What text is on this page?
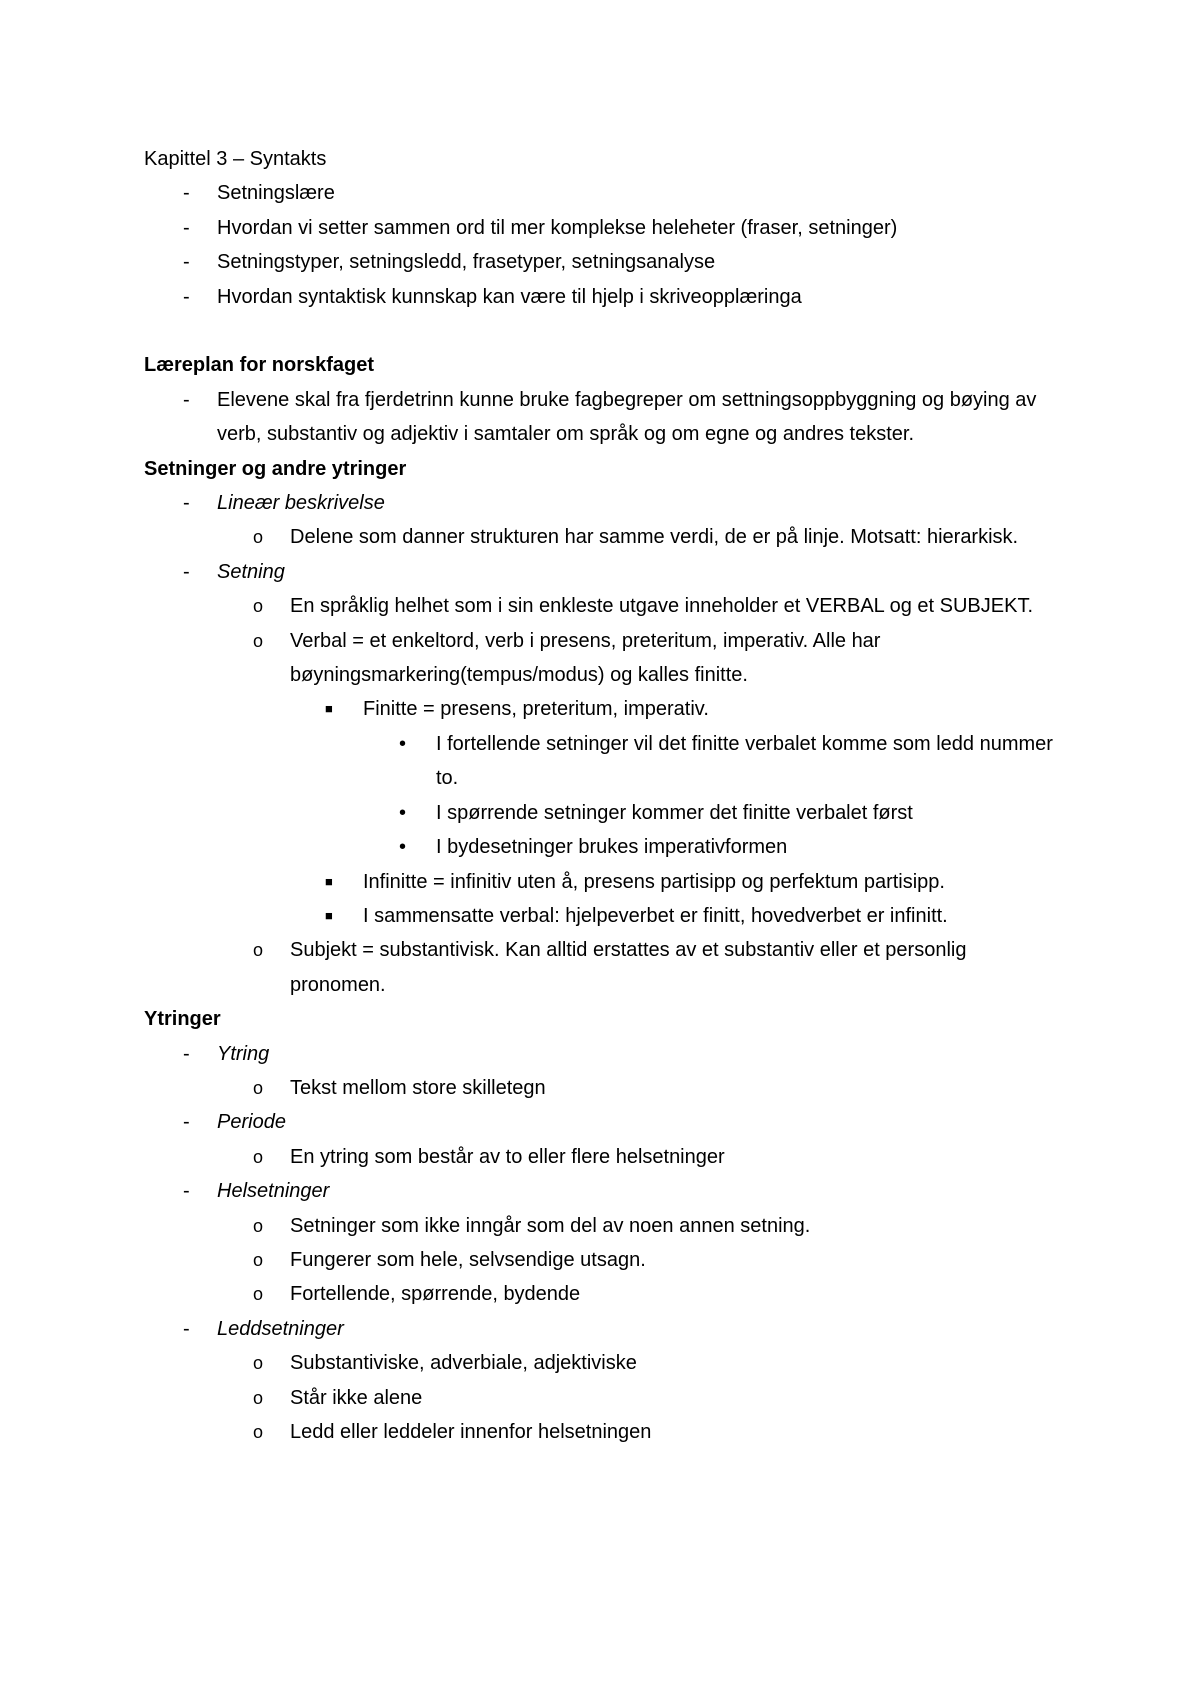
Kapittel 3 – Syntakts
- Setningslære
- Hvordan vi setter sammen ord til mer komplekse heleheter (fraser, setninger)
- Setningstyper, setningsledd, frasetyper, setningsanalyse
- Hvordan syntaktisk kunnskap kan være til hjelp i skriveopplæringa
Læreplan for norskfaget
- Elevene skal fra fjerdetrinn kunne bruke fagbegreper om settningsoppbyggning og bøying av verb, substantiv og adjektiv i samtaler om språk og om egne og andres tekster.
Setninger og andre ytringer
- Lineær beskrivelse
o Delene som danner strukturen har samme verdi, de er på linje. Motsatt: hierarkisk.
- Setning
o En språklig helhet som i sin enkleste utgave inneholder et VERBAL og et SUBJEKT.
o Verbal = et enkeltord, verb i presens, preteritum, imperativ. Alle har bøyningsmarkering(tempus/modus) og kalles finitte.
■ Finitte = presens, preteritum, imperativ.
• I fortellende setninger vil det finitte verbalet komme som ledd nummer to.
• I spørrende setninger kommer det finitte verbalet først
• I bydesetninger brukes imperativformen
■ Infinitte = infinitiv uten å, presens partisipp og perfektum partisipp.
■ I sammensatte verbal: hjelpeverbet er finitt, hovedverbet er infinitt.
o Subjekt = substantivisk. Kan alltid erstattes av et substantiv eller et personlig pronomen.
Ytringer
- Ytring
o Tekst mellom store skilletegn
- Periode
o En ytring som består av to eller flere helsetninger
- Helsetninger
o Setninger som ikke inngår som del av noen annen setning.
o Fungerer som hele, selvsendige utsagn.
o Fortellende, spørrende, bydende
- Leddsetninger
o Substantiviske, adverbiale, adjektiviske
o Står ikke alene
o Ledd eller leddeler innenfor helsetningen
